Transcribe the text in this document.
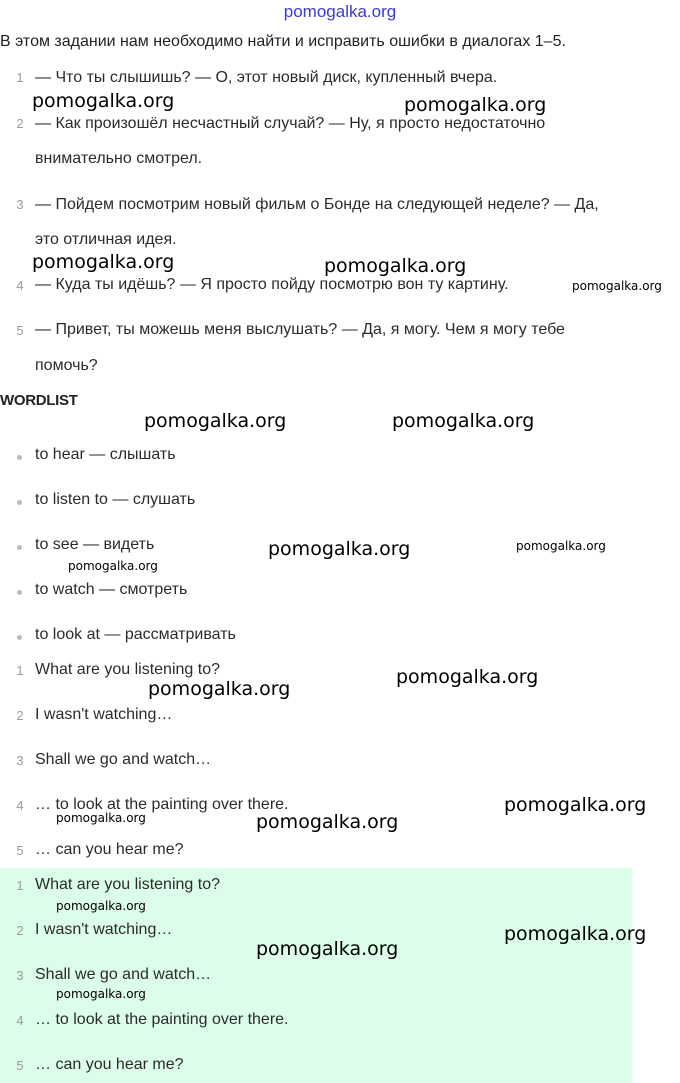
pomogalka.org
В этом задании нам необходимо найти и исправить ошибки в диалогах 1–5.
1 — Что ты слышишь? — О, этот новый диск, купленный вчера.
2 — Как произошёл несчастный случай? — Ну, я просто недостаточно
внимательно смотрел.
3 — Пойдем посмотрим новый фильм о Бонде на следующей неделе? — Да,
это отличная идея.
4 — Куда ты идёшь? — Я просто пойду посмотрю вон ту картину.
5 — Привет, ты можешь меня выслушать? — Да, я могу. Чем я могу тебе
помочь?
WORDLIST
to hear — слышать
to listen to — слушать
to see — видеть
to watch — смотреть
to look at — рассматривать
1 What are you listening to?
2 I wasn't watching…
3 Shall we go and watch…
4 … to look at the painting over there.
5 … can you hear me?
1 What are you listening to?
2 I wasn't watching…
3 Shall we go and watch…
4 … to look at the painting over there.
5 … can you hear me?
pomogalka.org	pomogalka.org
pomogalka.org	pomogalka.org
pomogalka.org
pomogalka.org	pomogalka.org
pomogalka.org	pomogalka.org
pomogalka.org
pomogalka.org
pomogalka.org
pomogalka.org
pomogalka.org	pomogalka.org
pomogalka.org
pomogalka.org
pomogalka.org
pomogalka.org
